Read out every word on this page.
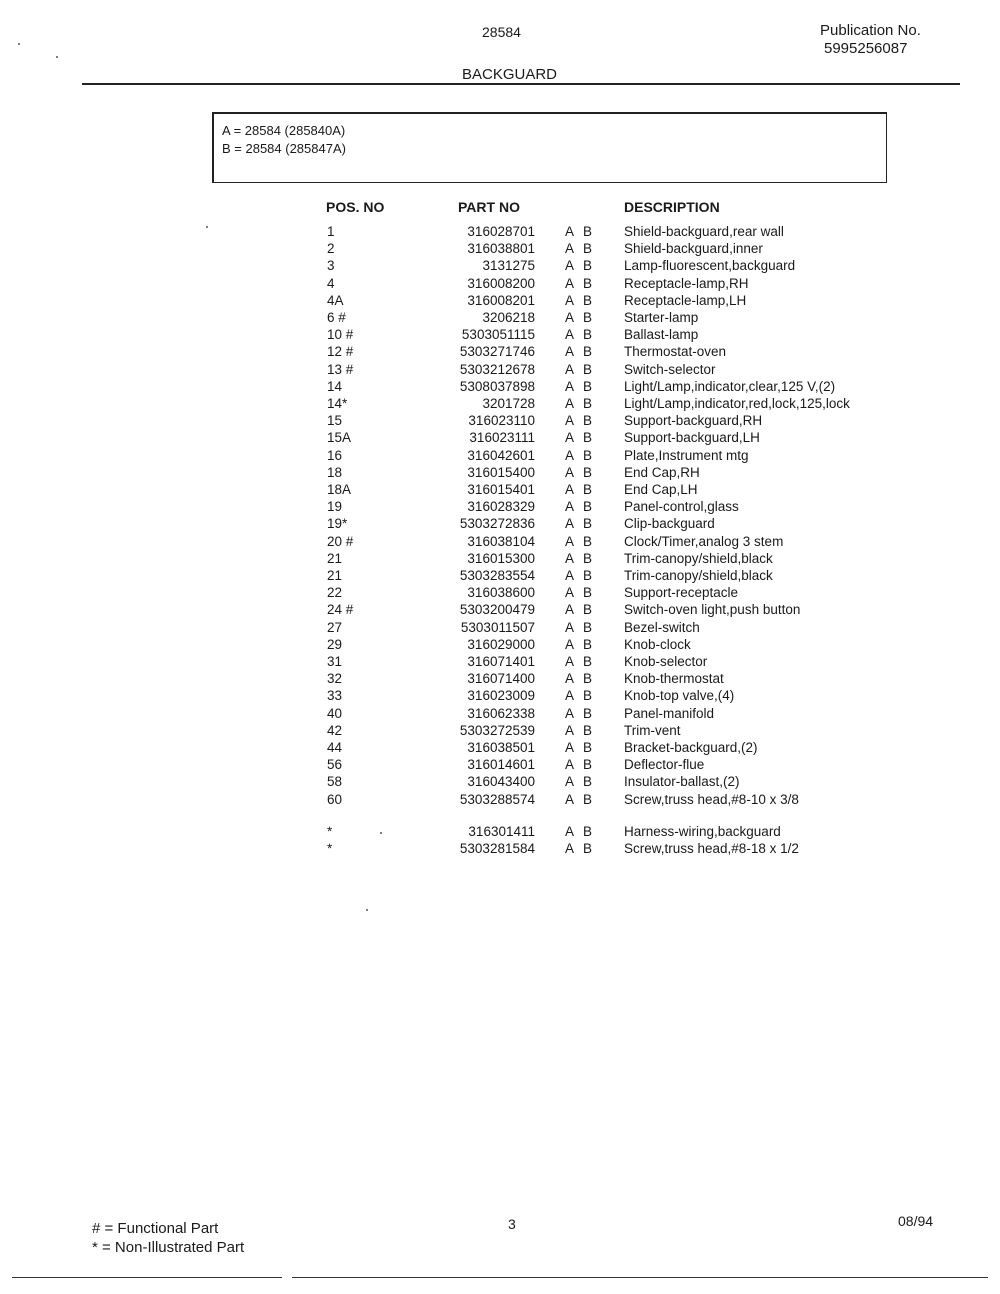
28584	Publication No.
5995256087
BACKGUARD
A = 28584 (285840A)
B = 28584 (285847A)
POS. NO	PART NO	DESCRIPTION
1	316028701 A B Shield-backguard,rear wall
2	316038801 A B Shield-backguard,inner
3	3131275 A B Lamp-fluorescent,backguard
4	316008200 A B Receptacle-lamp,RH
4A	316008201 A B Receptacle-lamp,LH
6 #	3206218 A B Starter-lamp
10 #	5303051115 A B Ballast-lamp
12 #	5303271746 A B Thermostat-oven
13 #	5303212678 A B Switch-selector
14	5308037898 A B Light/Lamp,indicator,clear,125 V,(2)
14*	3201728 A B Light/Lamp,indicator,red,lock,125,lock
15	316023110 A B Support-backguard,RH
15A	316023111 A B Support-backguard,LH
16	316042601 A B Plate,Instrument mtg
18	316015400 A B End Cap,RH
18A	316015401 A B End Cap,LH
19	316028329 A B Panel-control,glass
19*	5303272836 A B Clip-backguard
20 #	316038104 A B Clock/Timer,analog 3 stem
21	316015300 A B Trim-canopy/shield,black
21	5303283554 A B Trim-canopy/shield,black
22	316038600 A B Support-receptacle
24 #	5303200479 A B Switch-oven light,push button
27	5303011507 A B Bezel-switch
29	316029000 A B Knob-clock
31	316071401 A B Knob-selector
32	316071400 A B Knob-thermostat
33	316023009 A B Knob-top valve,(4)
40	316062338 A B Panel-manifold
42	5303272539 A B Trim-vent
44	316038501 A B Bracket-backguard,(2)
56	316014601 A B Deflector-flue
58	316043400 A B Insulator-ballast,(2)
60	5303288574 A B Screw,truss head,#8-10 x 3/8
*	316301411 A B Harness-wiring,backguard
*	5303281584 A B Screw,truss head,#8-18 x 1/2
# = Functional Part
* = Non-Illustrated Part
3	08/94
